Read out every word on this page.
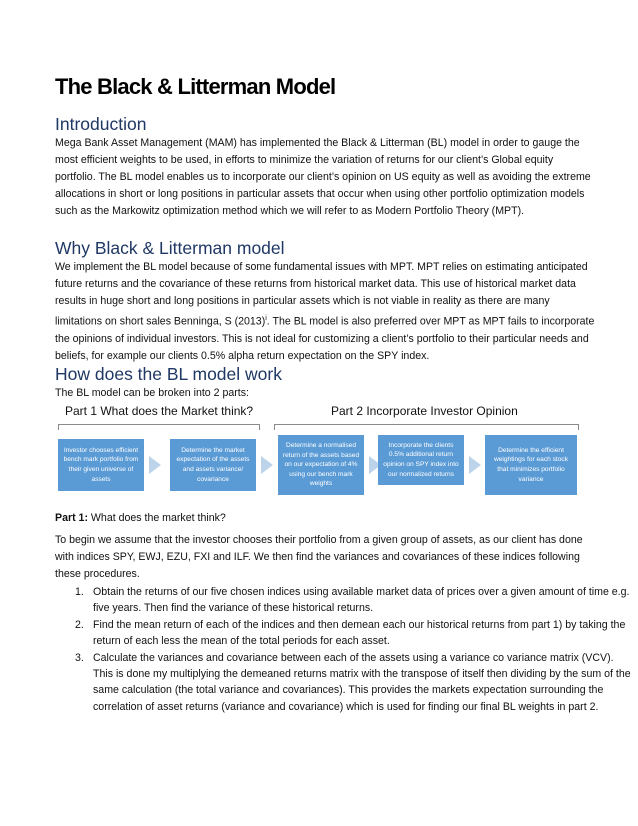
The Black & Litterman Model
Introduction

Mega Bank Asset Management (MAM) has implemented the Black & Litterman (BL) model in order to gauge the most efficient weights to be used, in efforts to minimize the variation of returns for our client’s Global equity portfolio. The BL model enables us to incorporate our client’s opinion on US equity as well as avoiding the extreme allocations in short or long positions in particular assets that occur when using other portfolio optimization models such as the Markowitz optimization method which we will refer to as Modern Portfolio Theory (MPT).

Why Black & Litterman model

We implement the BL model because of some fundamental issues with MPT. MPT relies on estimating anticipated future returns and the covariance of these returns from historical market data. This use of historical market data results in huge short and long positions in particular assets which is not viable in reality as there are many limitations on short sales Benninga, S $(2013)^i$. The BL model is also preferred over MPT as MPT fails to incorporate the opinions of individual investors. This is not ideal for customizing a client’s portfolio to their particular needs and beliefs, for example our clients 0.5% alpha return expectation on the SPY index.

How does the BL model work

The BL model can be broken into 2 parts:

Part 1 What does the Market think?	Part 2 Incorporate Investor Opinion
Investor chooses efficient bench mark portfolio from their given universe of assets
Determine the market expectation of the assets and assets variance/ covariance
Determine a normalised return of the assets based on our expectation of 4% using our bench mark weights
Incorporate the clients 0.5% additional return opinion on SPY index into our normalized returns
Determine the efficient weightings for each stock that minimizes portfolio variance

Part 1: What does the market think?

To begin we assume that the investor chooses their portfolio from a given group of assets, as our client has done with indices SPY, EWJ, EZU, FXI and ILF. We then find the variances and covariances of these indices following these procedures.

1. Obtain the returns of our five chosen indices using available market data of prices over a given amount of time e.g. five years. Then find the variance of these historical returns.
2. Find the mean return of each of the indices and then demean each our historical returns from part 1) by taking the return of each less the mean of the total periods for each asset.
3. Calculate the variances and covariance between each of the assets using a variance co variance matrix (VCV). This is done my multiplying the demeaned returns matrix with the transpose of itself then dividing by the sum of the same calculation (the total variance and covariances). This provides the markets expectation surrounding the correlation of asset returns (variance and covariance) which is used for finding our final BL weights in part 2.
